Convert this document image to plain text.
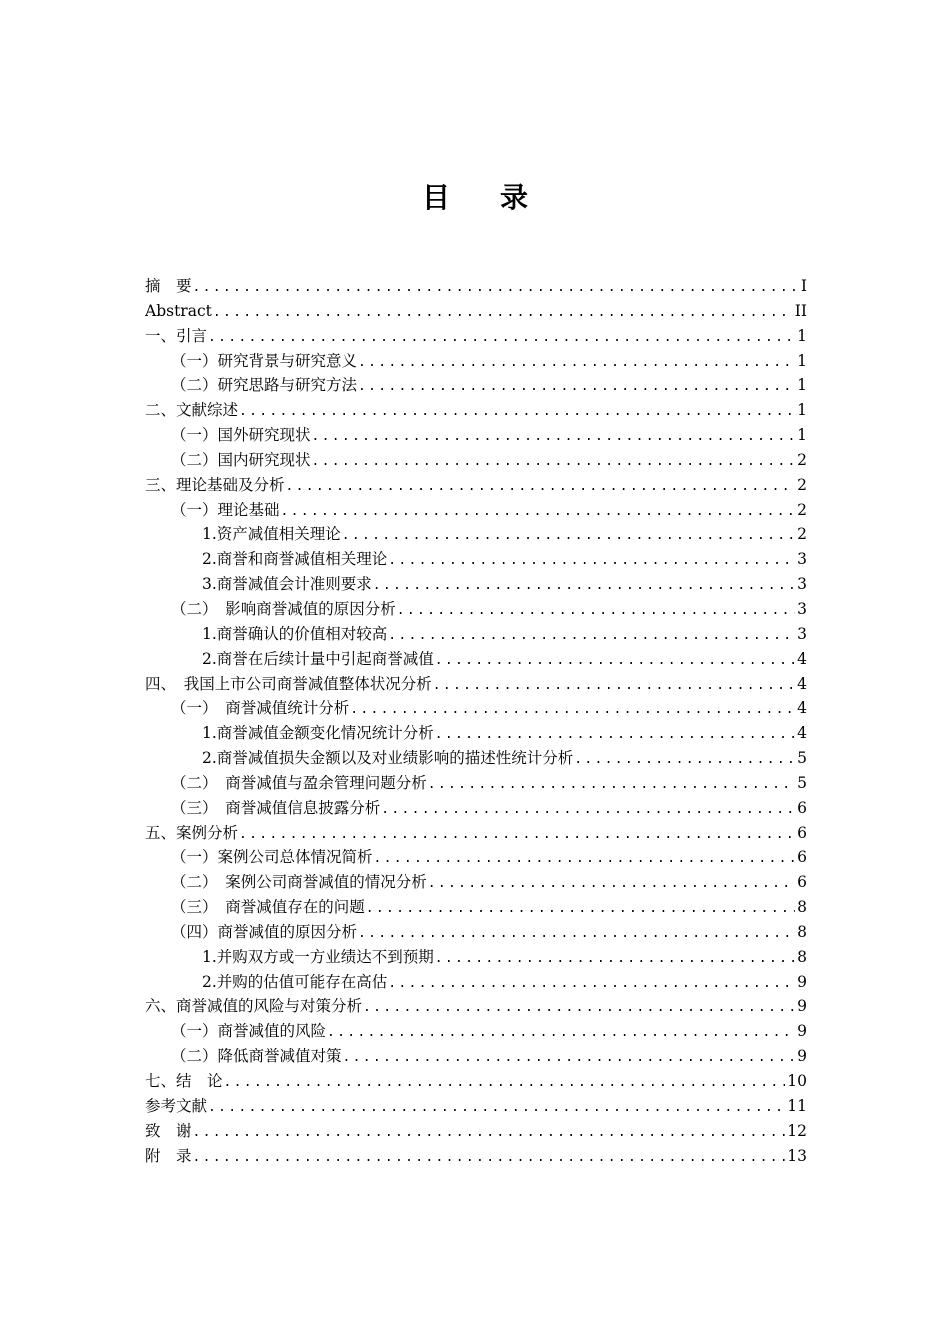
目录
摘　要 .....	I
Abstract .....	II
一、引言 .....	1
（一）研究背景与研究意义 .....	1
（二）研究思路与研究方法 .....	1
二、文献综述 .....	1
（一）国外研究现状 .....	1
（二）国内研究现状 .....	2
三、理论基础及分析 .....	2
（一）理论基础 .....	2
1.资产减值相关理论 .....	2
2.商誉和商誉减值相关理论 .....	3
3.商誉减值会计准则要求 .....	3
（二）　影响商誉减值的原因分析 .....	3
1.商誉确认的价值相对较高 .....	3
2.商誉在后续计量中引起商誉减值 .....	4
四、　我国上市公司商誉减值整体状况分析 .....	4
（一）　商誉减值统计分析 .....	4
1.商誉减值金额变化情况统计分析 .....	4
2.商誉减值损失金额以及对业绩影响的描述性统计分析 .....	5
（二）　商誉减值与盈余管理问题分析 .....	5
（三）　商誉减值信息披露分析 .....	6
五、案例分析 .....	6
（一）案例公司总体情况简析 .....	6
（二）　案例公司商誉减值的情况分析 .....	6
（三）　商誉减值存在的问题 .....	8
（四）商誉减值的原因分析 .....	8
1.并购双方或一方业绩达不到预期 .....	8
2.并购的估值可能存在高估 .....	9
六、商誉减值的风险与对策分析 .....	9
（一）商誉减值的风险 .....	9
（二）降低商誉减值对策 .....	9
七、结　论 .....	10
参考文献 .....	11
致　谢 .....	12
附　录 .....	13
